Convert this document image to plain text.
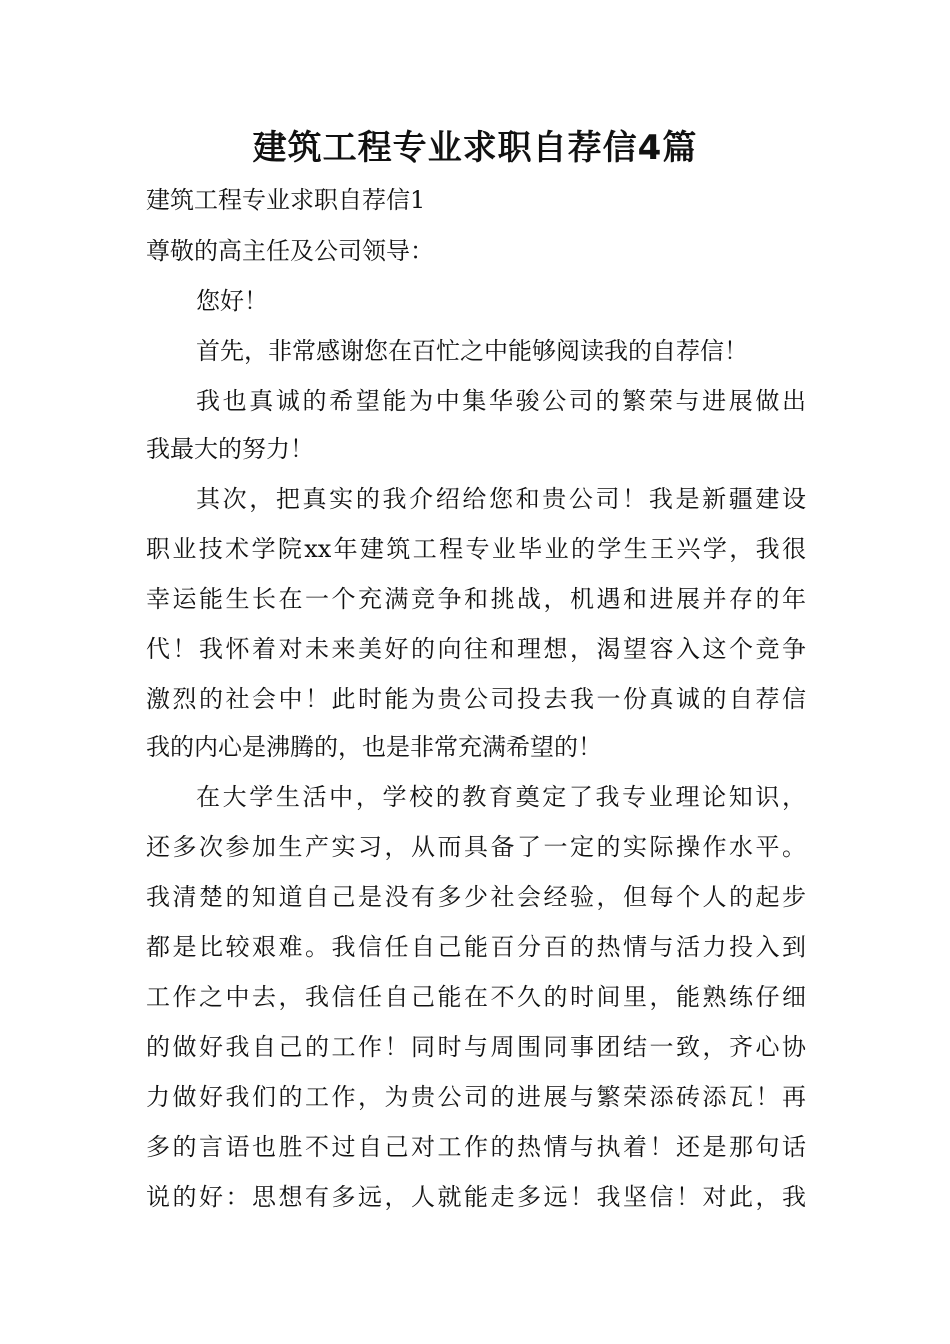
建筑工程专业求职自荐信4篇
建筑工程专业求职自荐信1
尊敬的高主任及公司领导：
您好！
首先，非常感谢您在百忙之中能够阅读我的自荐信！
我也真诚的希望能为中集华骏公司的繁荣与进展做出
我最大的努力！
其次，把真实的我介绍给您和贵公司！我是新疆建设
职业技术学院xx年建筑工程专业毕业的学生王兴学，我很
幸运能生长在一个充满竞争和挑战，机遇和进展并存的年
代！我怀着对未来美好的向往和理想，渴望容入这个竞争
激烈的社会中！此时能为贵公司投去我一份真诚的自荐信
我的内心是沸腾的，也是非常充满希望的！
在大学生活中，学校的教育奠定了我专业理论知识，
还多次参加生产实习，从而具备了一定的实际操作水平。
我清楚的知道自己是没有多少社会经验，但每个人的起步
都是比较艰难。我信任自己能百分百的热情与活力投入到
工作之中去，我信任自己能在不久的时间里，能熟练仔细
的做好我自己的工作！同时与周围同事团结一致，齐心协
力做好我们的工作，为贵公司的进展与繁荣添砖添瓦！再
多的言语也胜不过自己对工作的热情与执着！还是那句话
说的好：思想有多远，人就能走多远！我坚信！对此，我
